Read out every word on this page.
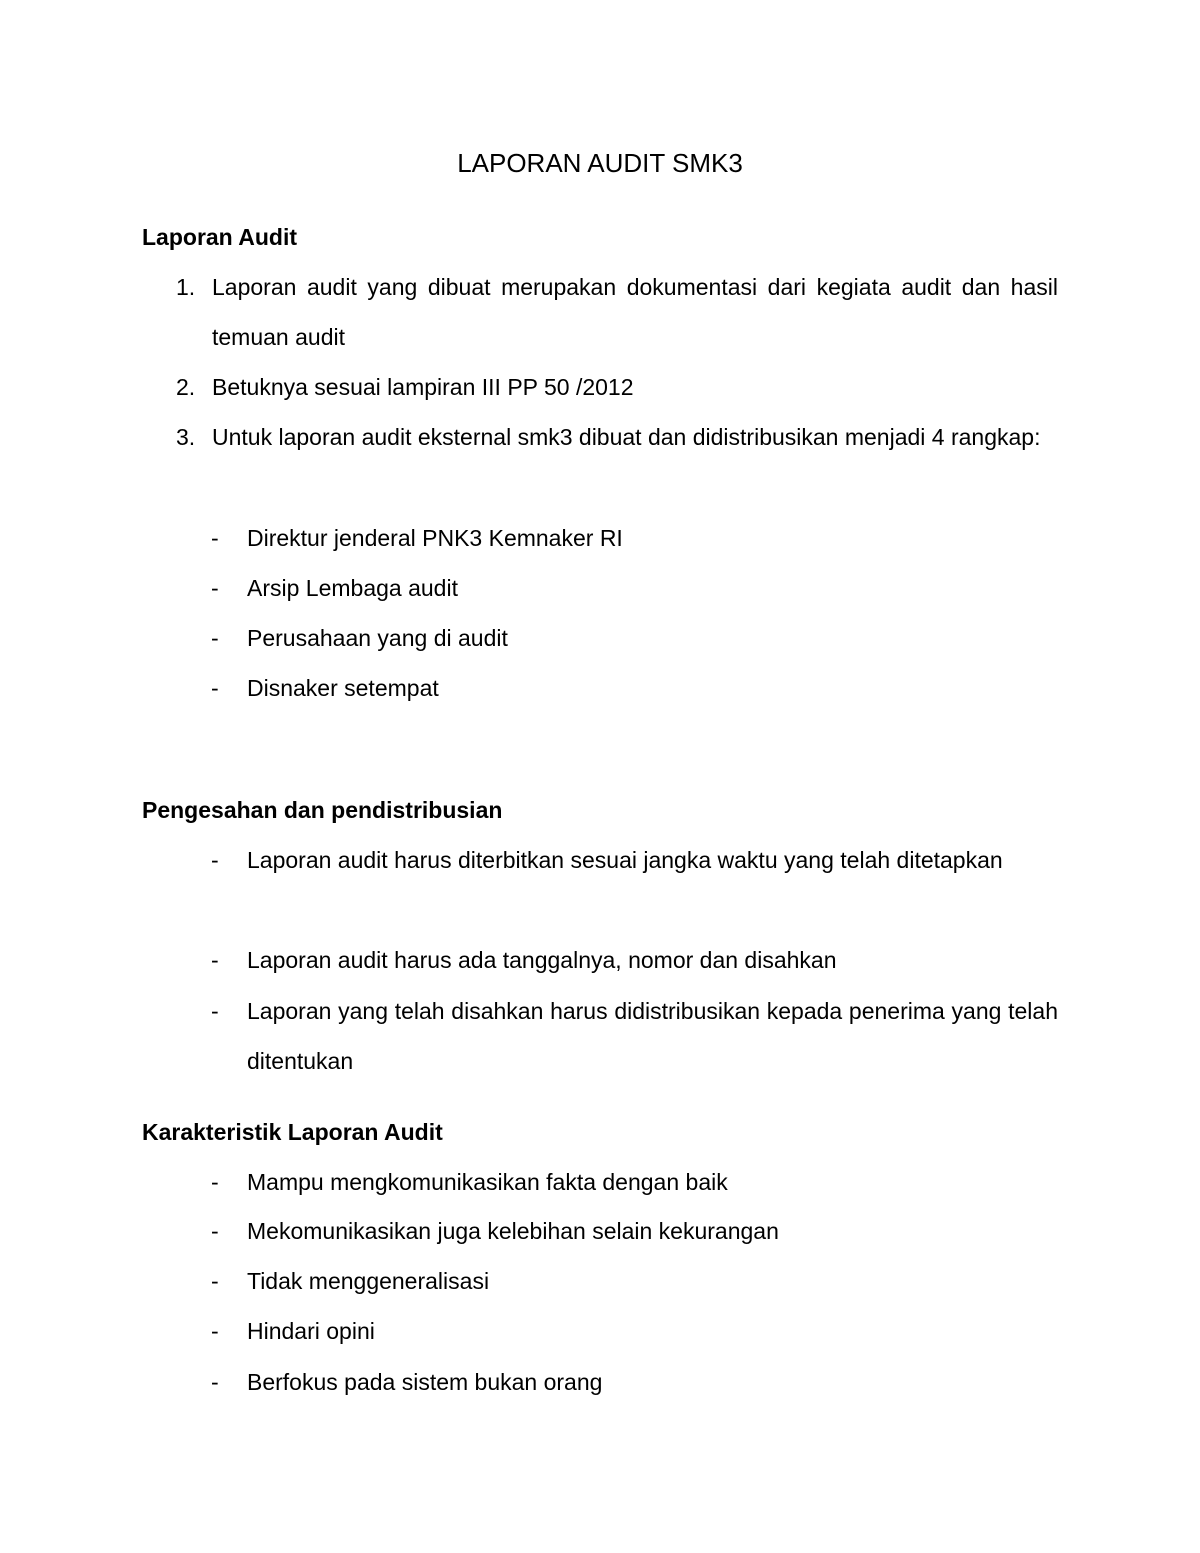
LAPORAN AUDIT SMK3
Laporan Audit
1. Laporan audit yang dibuat merupakan dokumentasi dari kegiata audit dan hasil temuan audit
2. Betuknya sesuai lampiran III PP 50 /2012
3. Untuk laporan audit eksternal smk3 dibuat dan didistribusikan menjadi 4 rangkap:
- Direktur jenderal PNK3 Kemnaker RI
- Arsip Lembaga audit
- Perusahaan yang di audit
- Disnaker setempat
Pengesahan dan pendistribusian
- Laporan audit harus diterbitkan sesuai jangka waktu yang telah ditetapkan
- Laporan audit harus ada tanggalnya, nomor dan disahkan
- Laporan yang telah disahkan harus didistribusikan kepada penerima yang telah ditentukan
Karakteristik Laporan Audit
- Mampu mengkomunikasikan fakta dengan baik
- Mekomunikasikan juga kelebihan selain kekurangan
- Tidak menggeneralisasi
- Hindari opini
- Berfokus pada sistem bukan orang
